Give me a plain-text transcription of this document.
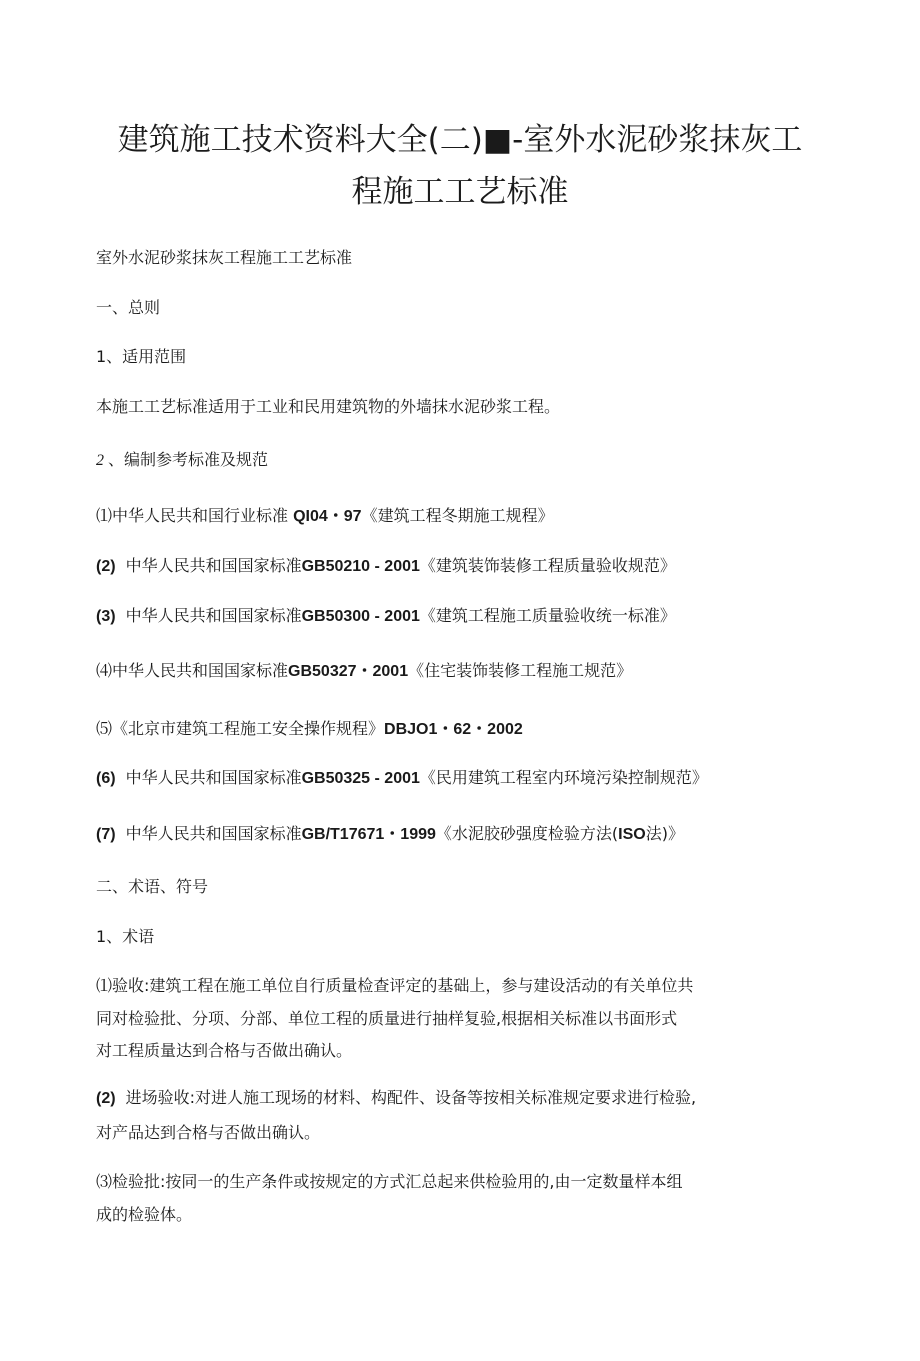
建筑施工技术资料大全(二)■-室外水泥砂浆抹灰工
程施工工艺标准

室外水泥砂浆抹灰工程施工工艺标准

一、总则

1、适用范围

本施工工艺标准适用于工业和民用建筑物的外墙抹水泥砂浆工程。

2 、编制参考标准及规范

⑴中华人民共和国行业标准 QI04・97《建筑工程冬期施工规程》

(2) 中华人民共和国国家标准GB50210 - 2001《建筑装饰装修工程质量验收规范》

(3) 中华人民共和国国家标准GB50300 - 2001《建筑工程施工质量验收统一标准》

⑷中华人民共和国国家标准GB50327・2001《住宅装饰装修工程施工规范》

⑸《北京市建筑工程施工安全操作规程》DBJO1・62・2002

(6) 中华人民共和国国家标准GB50325 - 2001《民用建筑工程室内环境污染控制规范》

(7) 中华人民共和国国家标准GB/T17671・1999《水泥胶砂强度检验方法(ISO法)》

二、术语、符号

1、术语

⑴验收:建筑工程在施工单位自行质量检查评定的基础上，参与建设活动的有关单位共

同对检验批、分项、分部、单位工程的质量进行抽样复验,根据相关标准以书面形式

对工程质量达到合格与否做出确认。

(2) 进场验收:对进人施工现场的材料、构配件、设备等按相关标准规定要求进行检验,

对产品达到合格与否做出确认。

⑶检验批:按同一的生产条件或按规定的方式汇总起来供检验用的,由一定数量样本组

成的检验体。
